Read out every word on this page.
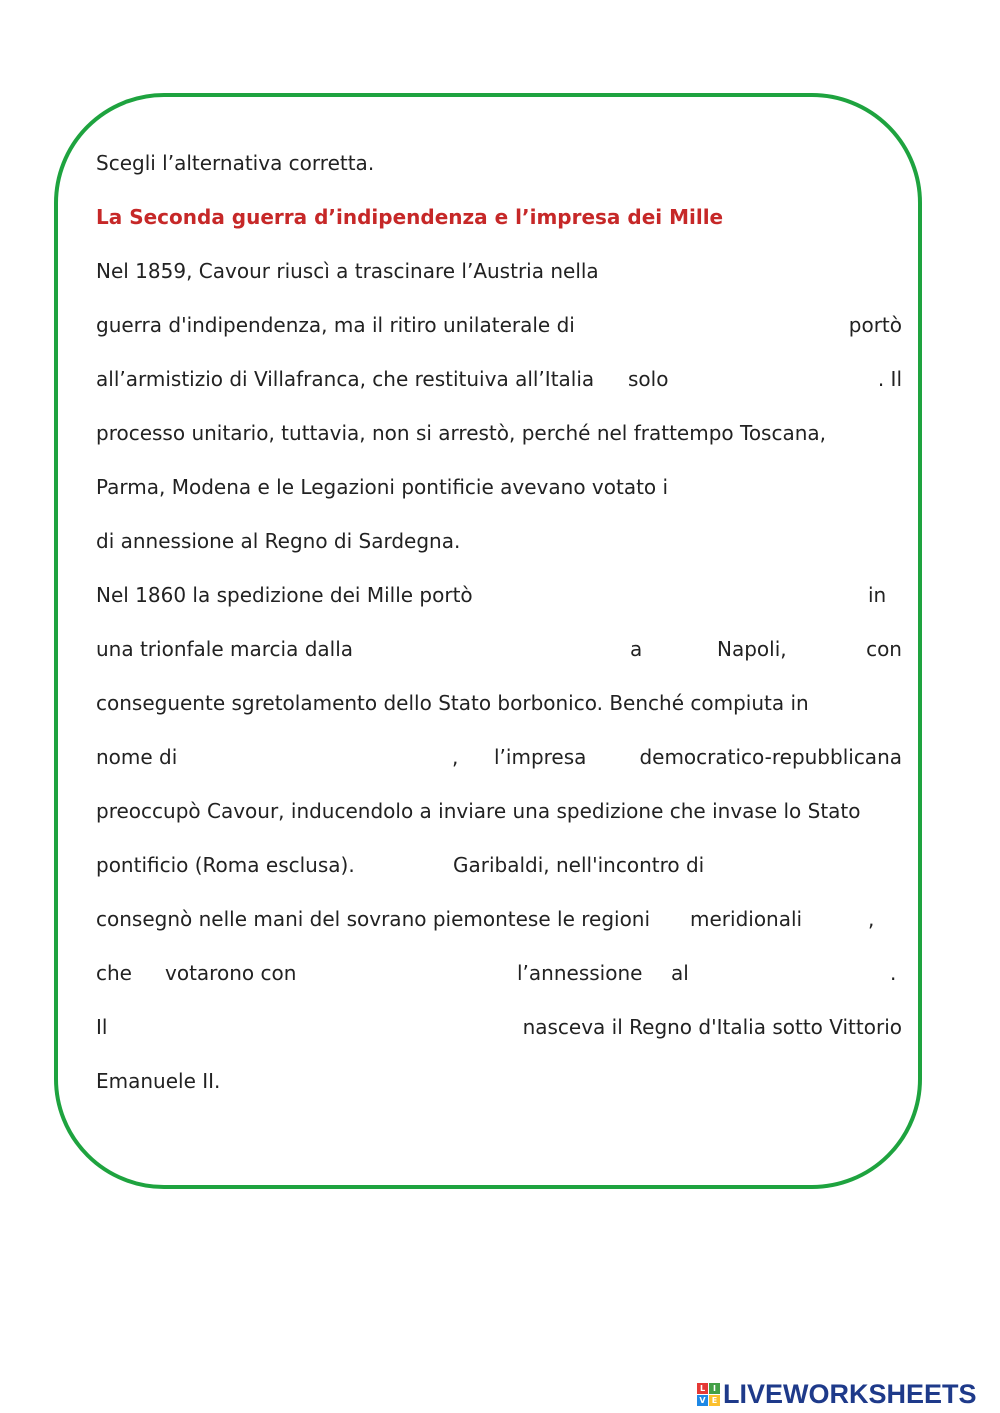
Scegli l’alternativa corretta.
La Seconda guerra d’indipendenza e l’impresa dei Mille
Nel 1859, Cavour riuscì a trascinare l’Austria nella
guerra d'indipendenza, ma il ritiro unilaterale di	portò
all’armistizio di Villafranca, che restituiva all’Italia solo	. Il
processo unitario, tuttavia, non si arrestò, perché nel frattempo Toscana,
Parma, Modena e le Legazioni pontificie avevano votato i
di annessione al Regno di Sardegna.
Nel 1860 la spedizione dei Mille portò	in
una trionfale marcia dalla	a	Napoli,	con
conseguente sgretolamento dello Stato borbonico. Benché compiuta in
nome di	, l’impresa	democratico-repubblicana
preoccupò Cavour, inducendolo a inviare una spedizione che invase lo Stato
pontificio (Roma esclusa).	Garibaldi, nell'incontro di
consegnò nelle mani del sovrano piemontese le regioni meridionali	,
che votarono con	l’annessione al	.
Il	nasceva il Regno d'Italia sotto Vittorio
Emanuele II.
L I
V E LIVEWORKSHEETS
